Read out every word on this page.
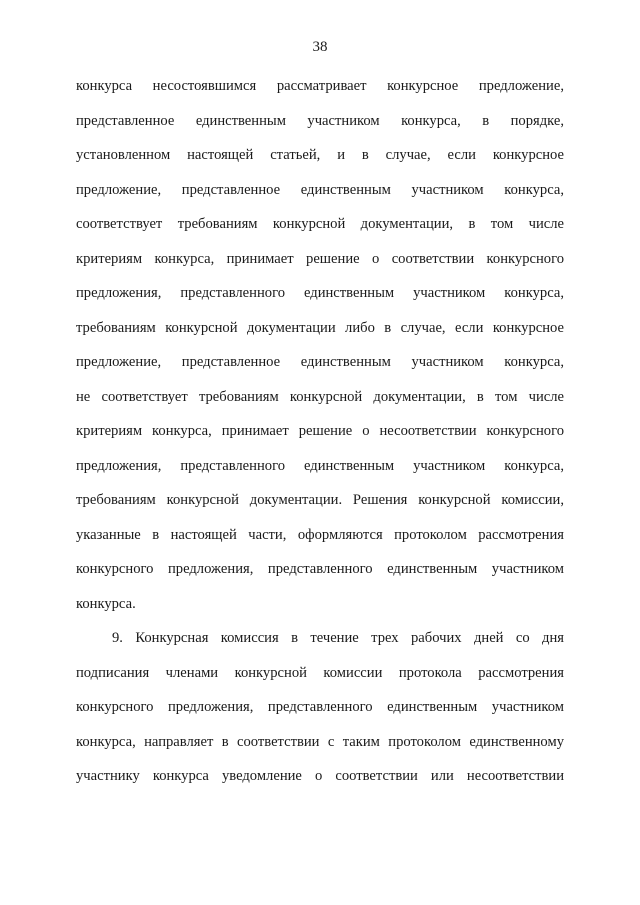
38
конкурса несостоявшимся рассматривает конкурсное предложение,
представленное единственным участником конкурса, в порядке,
установленном настоящей статьей, и в случае, если конкурсное
предложение, представленное единственным участником конкурса,
соответствует требованиям конкурсной документации, в том числе
критериям конкурса, принимает решение о соответствии конкурсного
предложения, представленного единственным участником конкурса,
требованиям конкурсной документации либо в случае, если конкурсное
предложение, представленное единственным участником конкурса,
не соответствует требованиям конкурсной документации, в том числе
критериям конкурса, принимает решение о несоответствии конкурсного
предложения, представленного единственным участником конкурса,
требованиям конкурсной документации. Решения конкурсной комиссии,
указанные в настоящей части, оформляются протоколом рассмотрения
конкурсного предложения, представленного единственным участником
конкурса.
9. Конкурсная комиссия в течение трех рабочих дней со дня
подписания членами конкурсной комиссии протокола рассмотрения
конкурсного предложения, представленного единственным участником
конкурса, направляет в соответствии с таким протоколом единственному
участнику конкурса уведомление о соответствии или несоответствии
